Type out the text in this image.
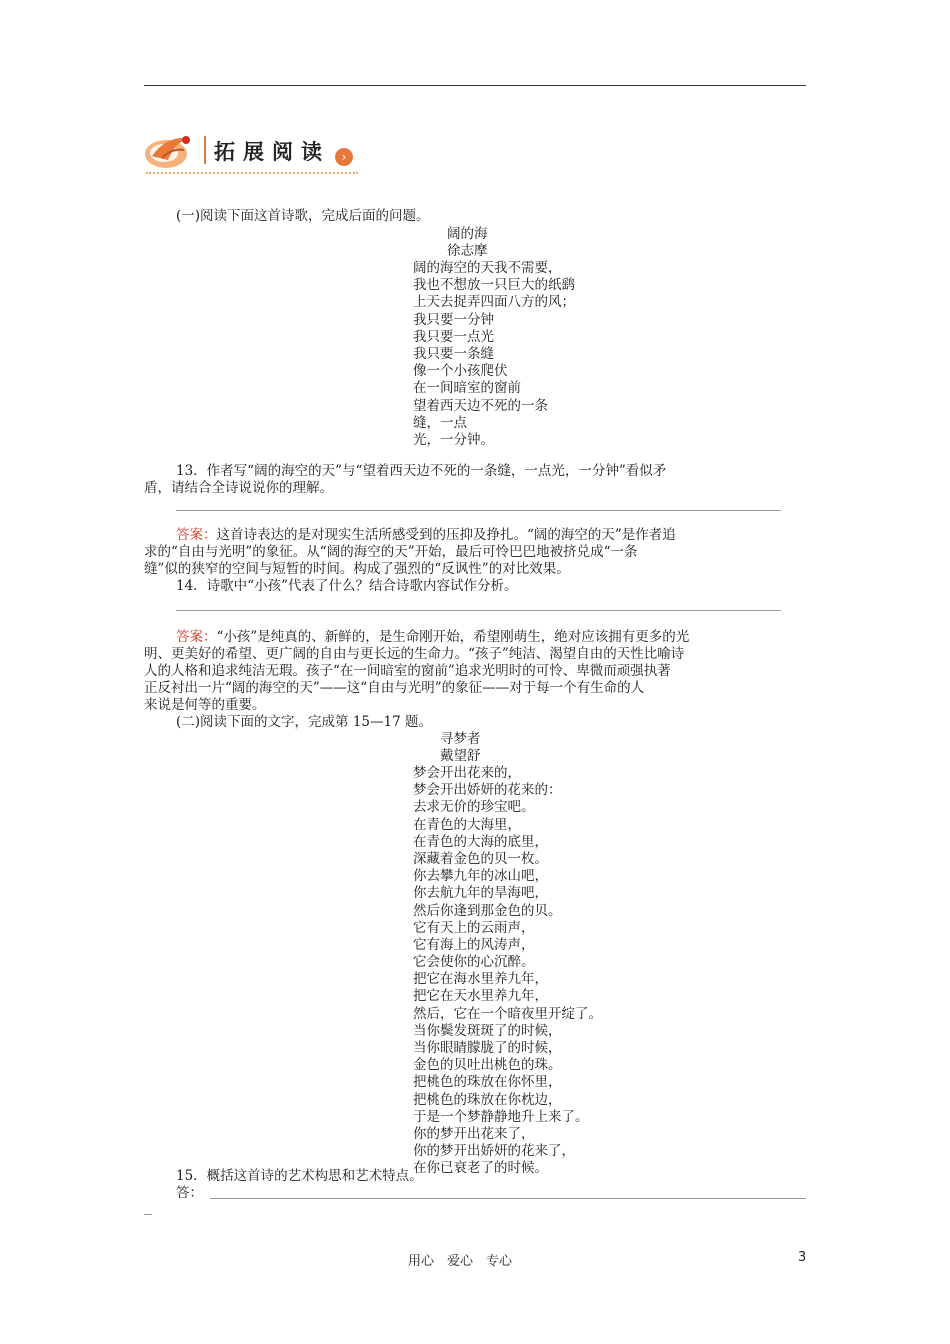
拓展阅读 ›
(一)阅读下面这首诗歌，完成后面的问题。
阔的海
徐志摩
阔的海空的天我不需要，
我也不想放一只巨大的纸鹞
上天去捉弄四面八方的风；
我只要一分钟
我只要一点光
我只要一条缝
像一个小孩爬伏
在一间暗室的窗前
望着西天边不死的一条
缝，一点
光，一分钟。
13．作者写“阔的海空的天”与“望着西天边不死的一条缝，一点光，一分钟”看似矛
盾，请结合全诗说说你的理解。
答案：这首诗表达的是对现实生活所感受到的压抑及挣扎。“阔的海空的天”是作者追
求的“自由与光明”的象征。从“阔的海空的天”开始，最后可怜巴巴地被挤兑成“一条
缝”似的狭窄的空间与短暂的时间。构成了强烈的“反讽性”的对比效果。
14．诗歌中“小孩”代表了什么？结合诗歌内容试作分析。
答案：“小孩”是纯真的、新鲜的，是生命刚开始，希望刚萌生，绝对应该拥有更多的光
明、更美好的希望、更广阔的自由与更长远的生命力。“孩子”纯洁、渴望自由的天性比喻诗
人的人格和追求纯洁无瑕。孩子“在一间暗室的窗前”追求光明时的可怜、卑微而顽强执著
正反衬出一片“阔的海空的天”——这“自由与光明”的象征——对于每一个有生命的人
来说是何等的重要。
(二)阅读下面的文字，完成第 15—17 题。
寻梦者
戴望舒
梦会开出花来的，
梦会开出娇妍的花来的：
去求无价的珍宝吧。
在青色的大海里，
在青色的大海的底里，
深藏着金色的贝一枚。
你去攀九年的冰山吧，
你去航九年的旱海吧，
然后你逢到那金色的贝。
它有天上的云雨声，
它有海上的风涛声，
它会使你的心沉醉。
把它在海水里养九年，
把它在天水里养九年，
然后，它在一个暗夜里开绽了。
当你鬓发斑斑了的时候，
当你眼睛朦胧了的时候，
金色的贝吐出桃色的珠。
把桃色的珠放在你怀里，
把桃色的珠放在你枕边，
于是一个梦静静地升上来了。
你的梦开出花来了，
你的梦开出娇妍的花来了，
在你已衰老了的时候。
15．概括这首诗的艺术构思和艺术特点。
答：
用心　爱心　专心	3
